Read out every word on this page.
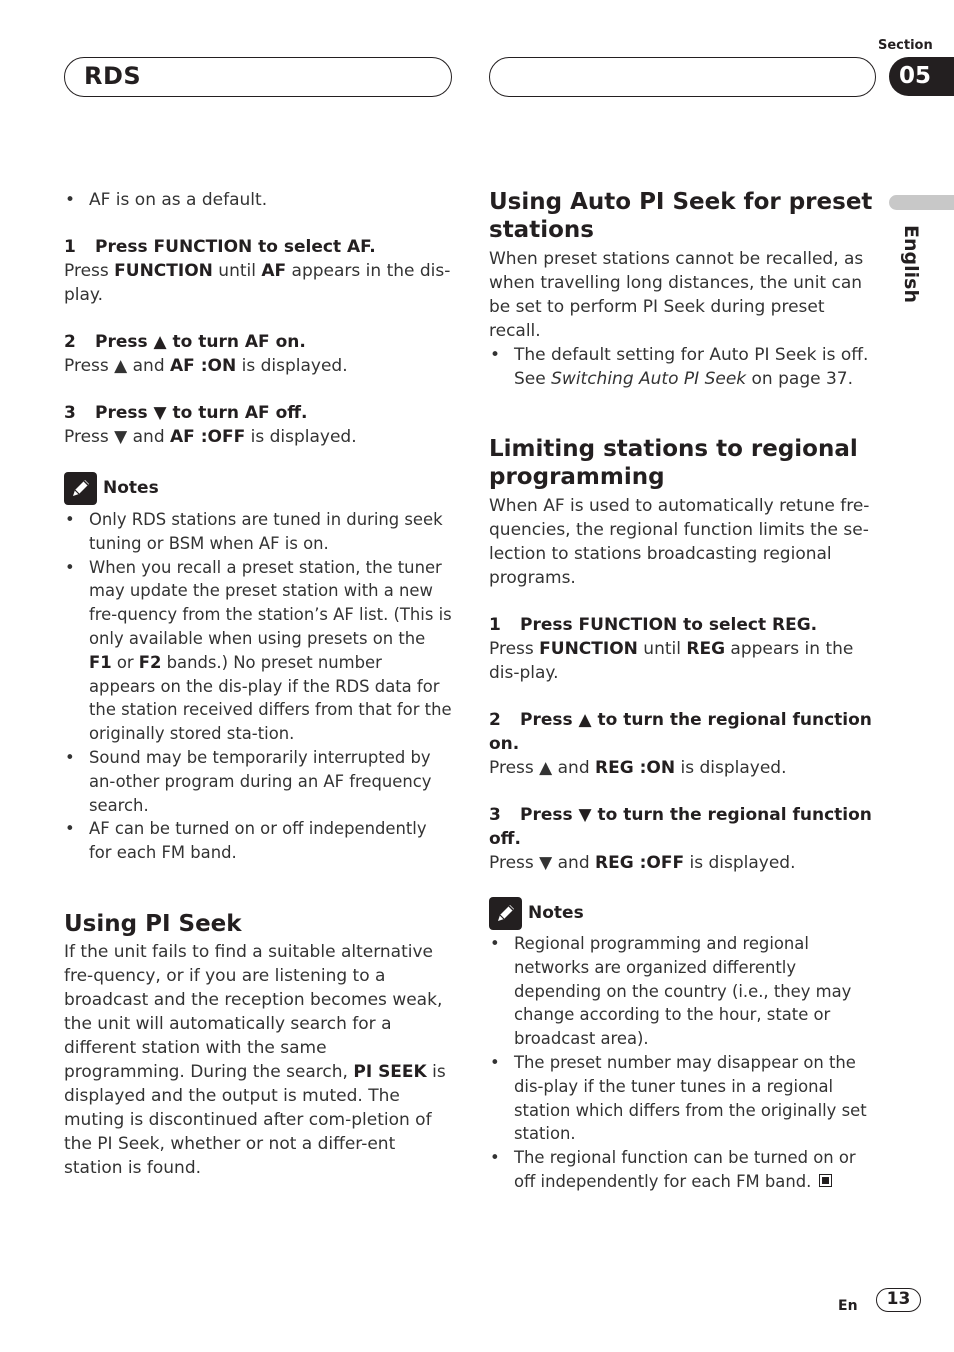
RDS
Section
05
English
• AF is on as a default.
1 Press FUNCTION to select AF.

Press FUNCTION until AF appears in the dis-play.

2 Press ▲ to turn AF on.

Press ▲ and AF :ON is displayed.

3 Press ▼ to turn AF off.

Press ▼ and AF :OFF is displayed.

Notes
• Only RDS stations are tuned in during seek tuning or BSM when AF is on.
• When you recall a preset station, the tuner may update the preset station with a new fre-quency from the station’s AF list. (This is only available when using presets on the F1 or F2 bands.) No preset number appears on the dis-play if the RDS data for the station received differs from that for the originally stored sta-tion.
• Sound may be temporarily interrupted by an-other program during an AF frequency search.
• AF can be turned on or off independently for each FM band.
Using PI Seek

If the unit fails to find a suitable alternative fre-quency, or if you are listening to a broadcast and the reception becomes weak, the unit will automatically search for a different station with the same programming. During the search, PI SEEK is displayed and the output is muted. The muting is discontinued after com-pletion of the PI Seek, whether or not a differ-ent station is found.

Using Auto PI Seek for preset stations

When preset stations cannot be recalled, as when travelling long distances, the unit can be set to perform PI Seek during preset recall.

• The default setting for Auto PI Seek is off. See Switching Auto PI Seek on page 37.
Limiting stations to regional programming

When AF is used to automatically retune fre-quencies, the regional function limits the se-lection to stations broadcasting regional programs.

1 Press FUNCTION to select REG.

Press FUNCTION until REG appears in the dis-play.

2 Press ▲ to turn the regional function on.

Press ▲ and REG :ON is displayed.

3 Press ▼ to turn the regional function off.

Press ▼ and REG :OFF is displayed.

Notes
• Regional programming and regional networks are organized differently depending on the country (i.e., they may change according to the hour, state or broadcast area).
• The preset number may disappear on the dis-play if the tuner tunes in a regional station which differs from the originally set station.
• The regional function can be turned on or off independently for each FM band.
En	13
